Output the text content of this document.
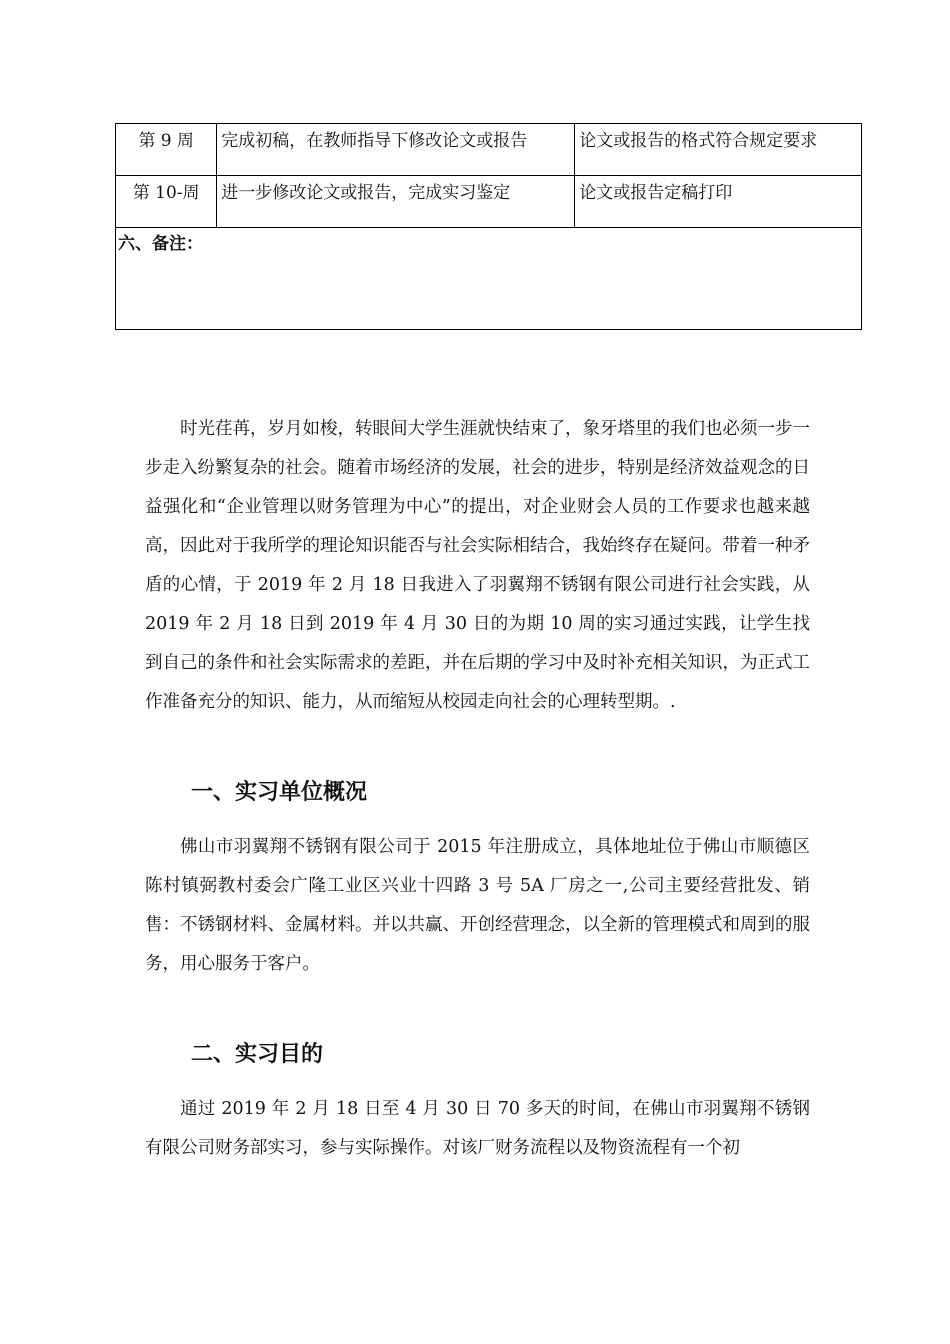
第 9 周	完成初稿，在教师指导下修改论文或报告	论文或报告的格式符合规定要求
第 10-周	进一步修改论文或报告，完成实习鉴定	论文或报告定稿打印
六、备注：		

时光荏苒，岁月如梭，转眼间大学生涯就快结束了，象牙塔里的我们也必须一步一步走入纷繁复杂的社会。随着市场经济的发展，社会的进步，特别是经济效益观念的日益强化和“企业管理以财务管理为中心”的提出，对企业财会人员的工作要求也越来越高，因此对于我所学的理论知识能否与社会实际相结合，我始终存在疑问。带着一种矛盾的心情，于 2019 年 2 月 18 日我进入了羽翼翔不锈钢有限公司进行社会实践，从 2019 年 2 月 18 日到 2019 年 4 月 30 日的为期 10 周的实习通过实践，让学生找到自己的条件和社会实际需求的差距，并在后期的学习中及时补充相关知识，为正式工作准备充分的知识、能力，从而缩短从校园走向社会的心理转型期。.

一、实习单位概况

佛山市羽翼翔不锈钢有限公司于 2015 年注册成立，具体地址位于佛山市顺德区陈村镇弼教村委会广隆工业区兴业十四路 3 号 5A 厂房之一,公司主要经营批发、销售：不锈钢材料、金属材料。并以共赢、开创经营理念，以全新的管理模式和周到的服务，用心服务于客户。

二、实习目的

通过 2019 年 2 月 18 日至 4 月 30 日 70 多天的时间，在佛山市羽翼翔不锈钢有限公司财务部实习，参与实际操作。对该厂财务流程以及物资流程有一个初
